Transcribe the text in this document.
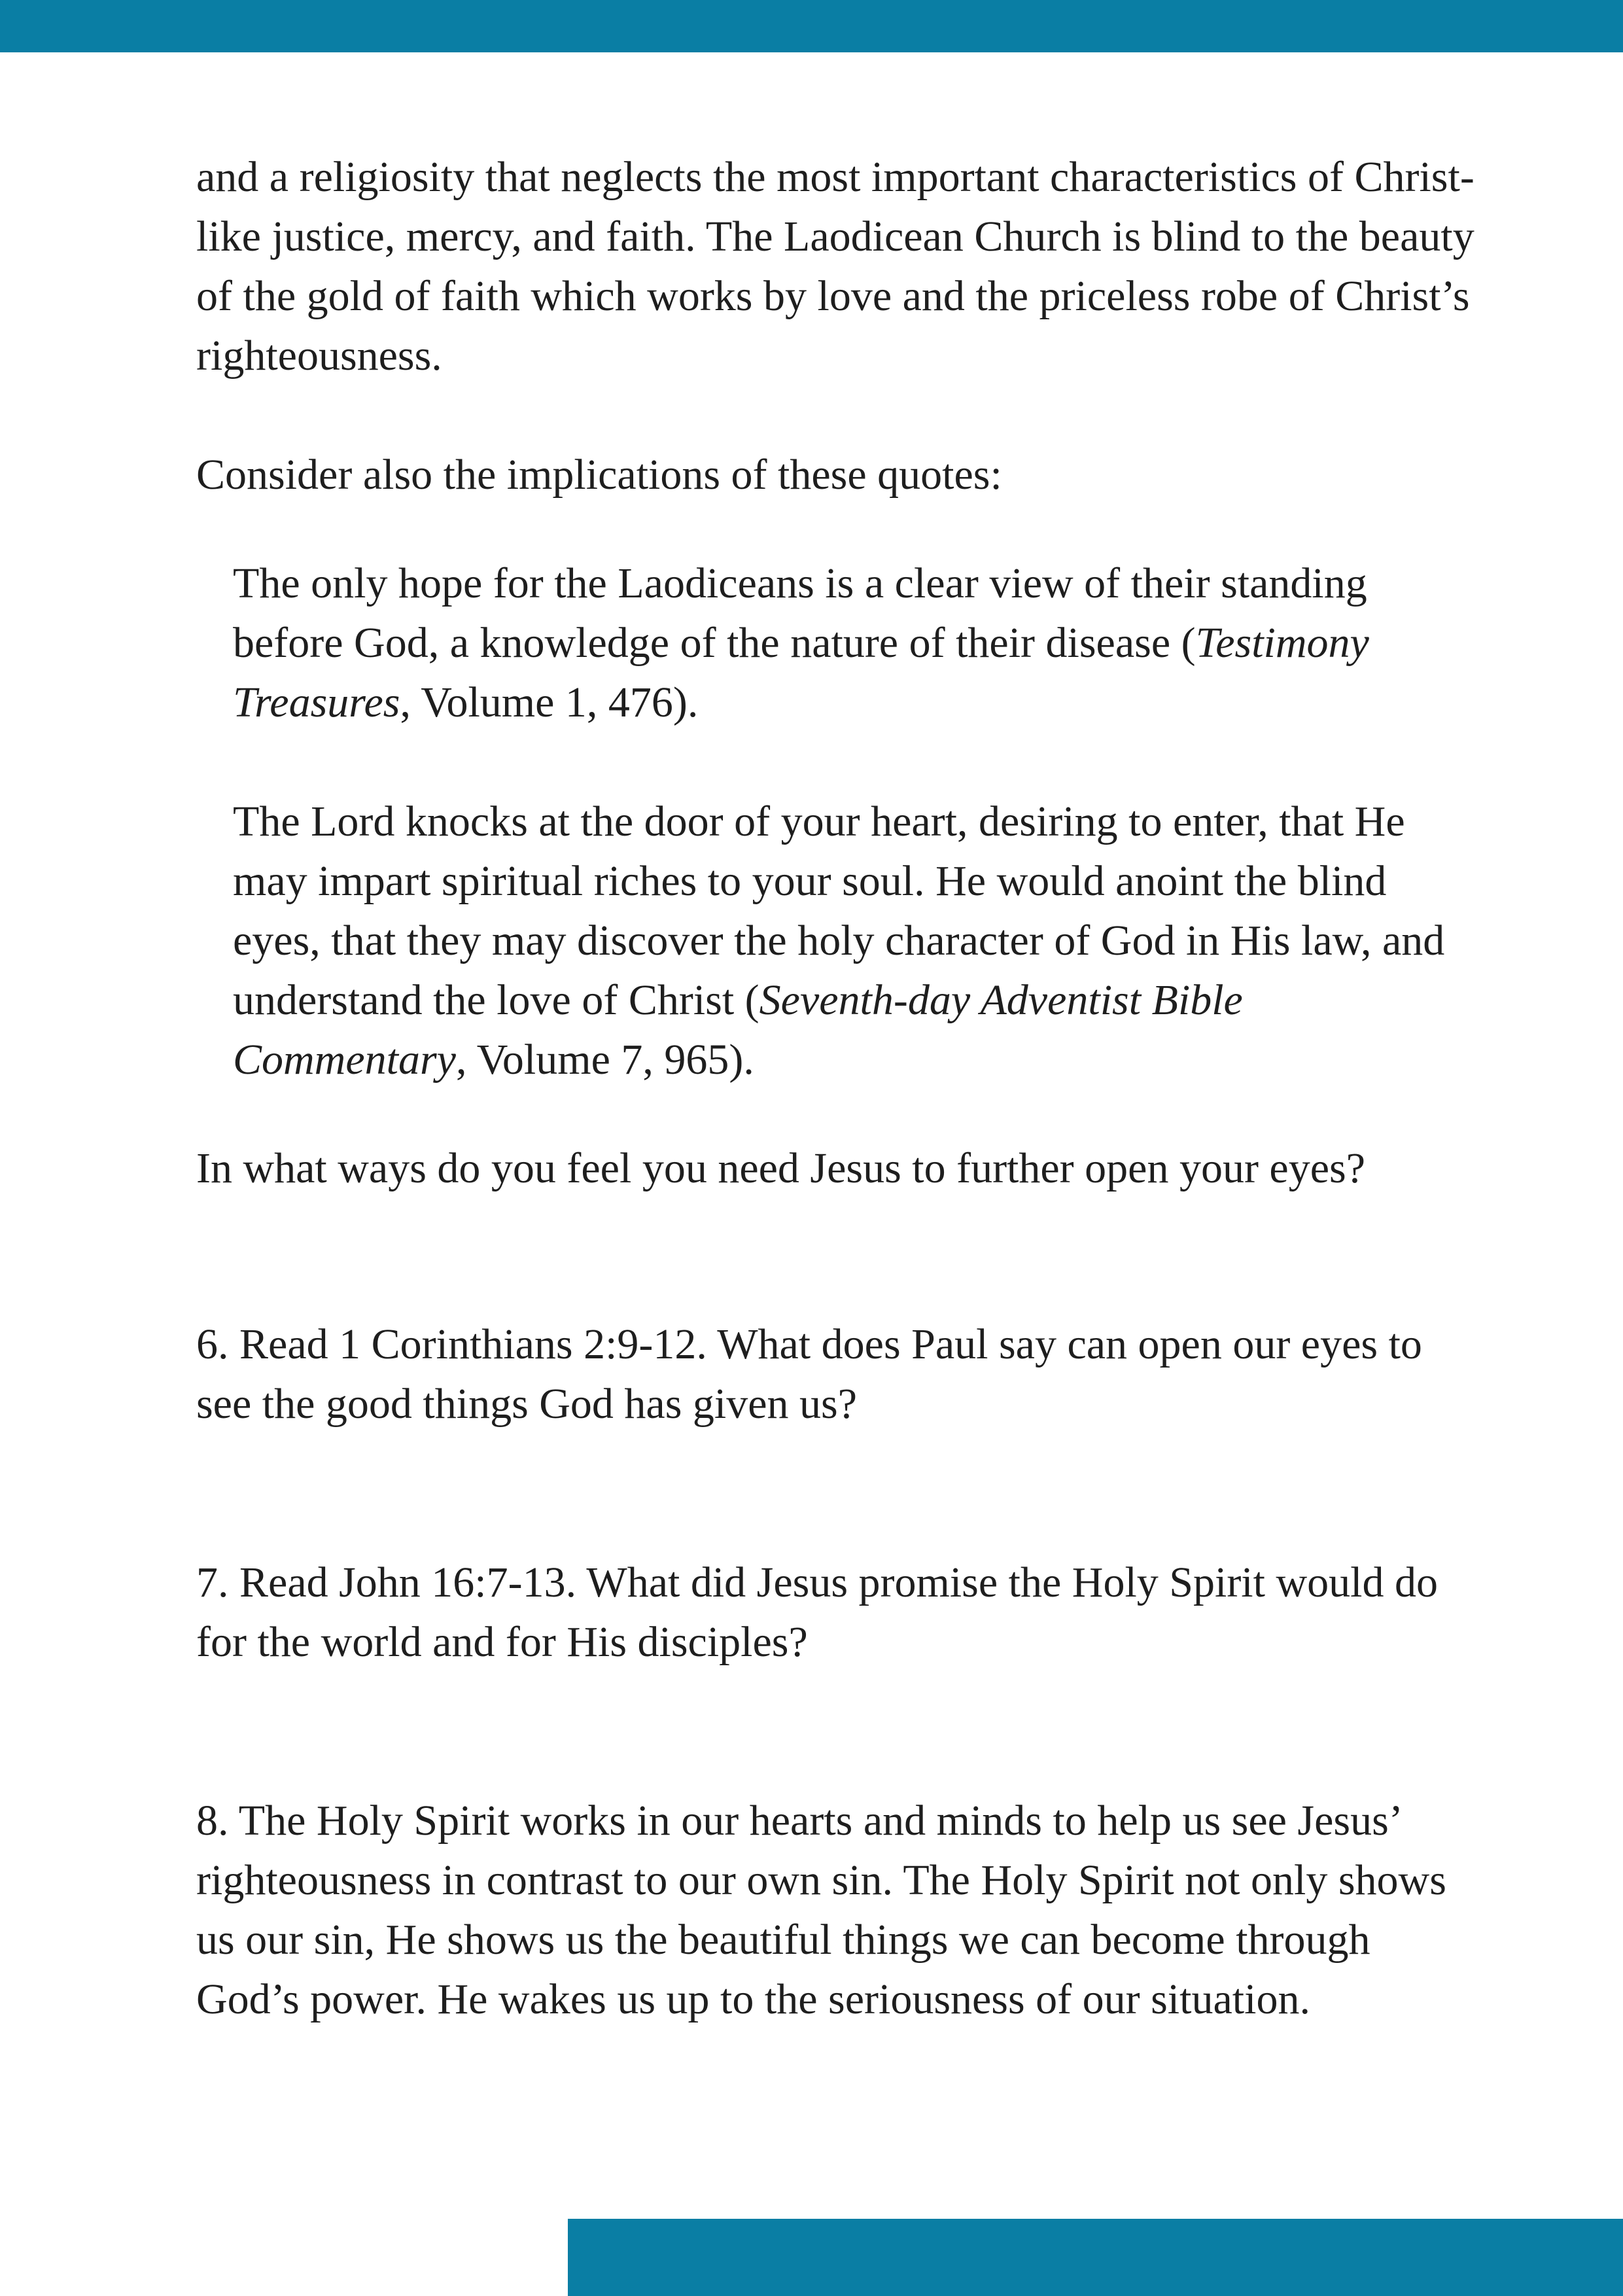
and a religiosity that neglects the most important characteristics of Christ-like justice, mercy, and faith. The Laodicean Church is blind to the beauty of the gold of faith which works by love and the priceless robe of Christ’s righteousness.

Consider also the implications of these quotes:

The only hope for the Laodiceans is a clear view of their standing before God, a knowledge of the nature of their disease (Testimony Treasures, Volume 1, 476).

The Lord knocks at the door of your heart, desiring to enter, that He may impart spiritual riches to your soul. He would anoint the blind eyes, that they may discover the holy character of God in His law, and understand the love of Christ (Seventh-day Adventist Bible Commentary, Volume 7, 965).

In what ways do you feel you need Jesus to further open your eyes?

6. Read 1 Corinthians 2:9-12. What does Paul say can open our eyes to see the good things God has given us?

7. Read John 16:7-13. What did Jesus promise the Holy Spirit would do for the world and for His disciples?

8. The Holy Spirit works in our hearts and minds to help us see Jesus’ righteousness in contrast to our own sin. The Holy Spirit not only shows us our sin, He shows us the beautiful things we can become through God’s power. He wakes us up to the seriousness of our situation.
